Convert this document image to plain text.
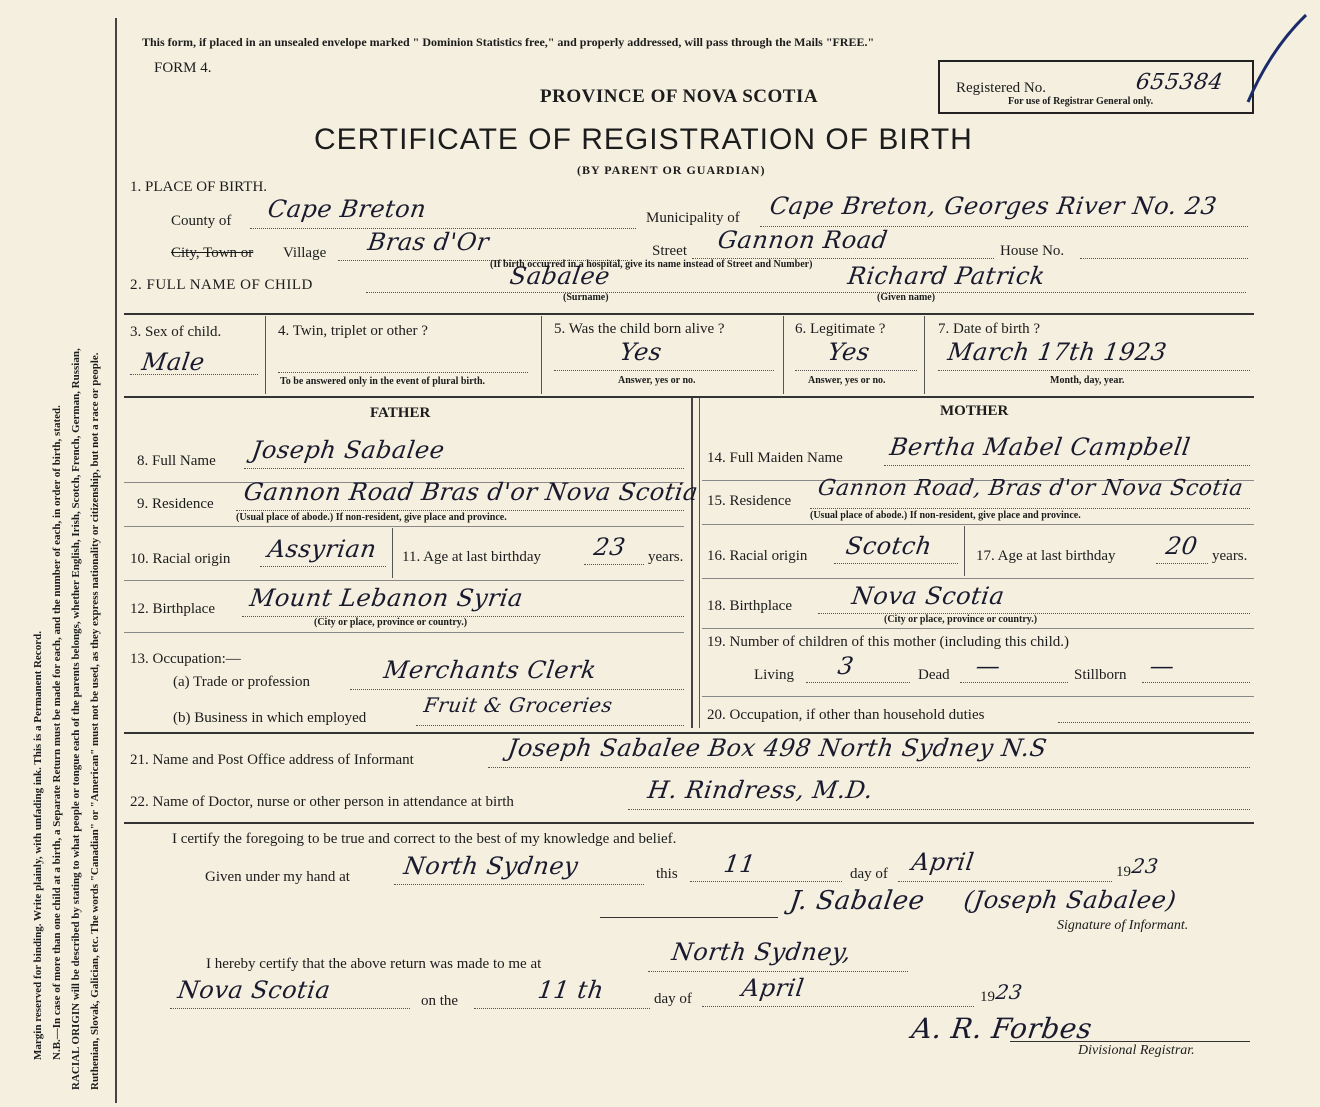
Margin reserved for binding. Write plainly, with unfading ink. This is a Permanent Record. N.B.—In case of more than one child at a birth, a Separate Return must be made for each, and the number of each, in order of birth, stated. RACIAL ORIGIN will be described by stating to what people or tongue each of the parents belongs, whether English, Irish, Scotch, French, German, Russian, Ruthenian, Slovak, Galician, etc. The words "Canadian" or "American" must not be used, as they express nationality or citizenship, but not a race or people.
This form, if placed in an unsealed envelope marked " Dominion Statistics free," and properly addressed, will pass through the Mails "FREE."
FORM 4.
PROVINCE OF NOVA SCOTIA
CERTIFICATE OF REGISTRATION OF BIRTH
(BY PARENT OR GUARDIAN)
Registered No.	655384
For use of Registrar General only.
1. PLACE OF BIRTH.
County of Cape Breton	Municipality of Cape Breton, Georges River No. 23
City, Town or Village Bras d'Or	Street Gannon Road	House No.
(If birth occurred in a hospital, give its name instead of Street and Number)
2. FULL NAME OF CHILD	Sabalee
(Surname)
Richard Patrick
(Given name)
3. Sex of child.
Male
4. Twin, triplet or other ?
To be answered only in the event of plural birth.
5. Was the child born alive ?
Yes
Answer, yes or no.
6. Legitimate ?
Yes
Answer, yes or no.
7. Date of birth ?
March 17th 1923
Month, day, year.
FATHER
8. Full Name Joseph Sabalee
9. Residence Gannon Road Bras d'or Nova Scotia
(Usual place of abode.) If non-resident, give place and province.
10. Racial origin Assyrian 11. Age at last birthday 23 years.
12. Birthplace Mount Lebanon Syria
(City or place, province or country.)
13. Occupation:—
(a) Trade or profession	Merchants Clerk
(b) Business in which employed
Fruit & Groceries
MOTHER
14. Full Maiden Name Bertha Mabel Campbell
15. Residence Gannon Road, Bras d'or Nova Scotia
(Usual place of abode.) If non-resident, give place and province.
16. Racial origin Scotch	17. Age at last birthday 20 years.
18. Birthplace Nova Scotia
(City or place, province or country.)
19. Number of children of this mother (including this child.)
Living 3	Dead —	Stillborn —
20. Occupation, if other than household duties
21. Name and Post Office address of Informant	Joseph Sabalee Box 498 North Sydney N.S
22. Name of Doctor, nurse or other person in attendance at birth	H. Rindress, M.D.
I certify the foregoing to be true and correct to the best of my knowledge and belief.
Given under my hand at North Sydney	this 11	day of April	19 23
J. Sabalee (Joseph Sabalee)
Signature of Informant.
I hereby certify that the above return was made to me at	North Sydney,
Nova Scotia	on the	11 th	day of April	19 23
A. R. Forbes
Divisional Registrar.
